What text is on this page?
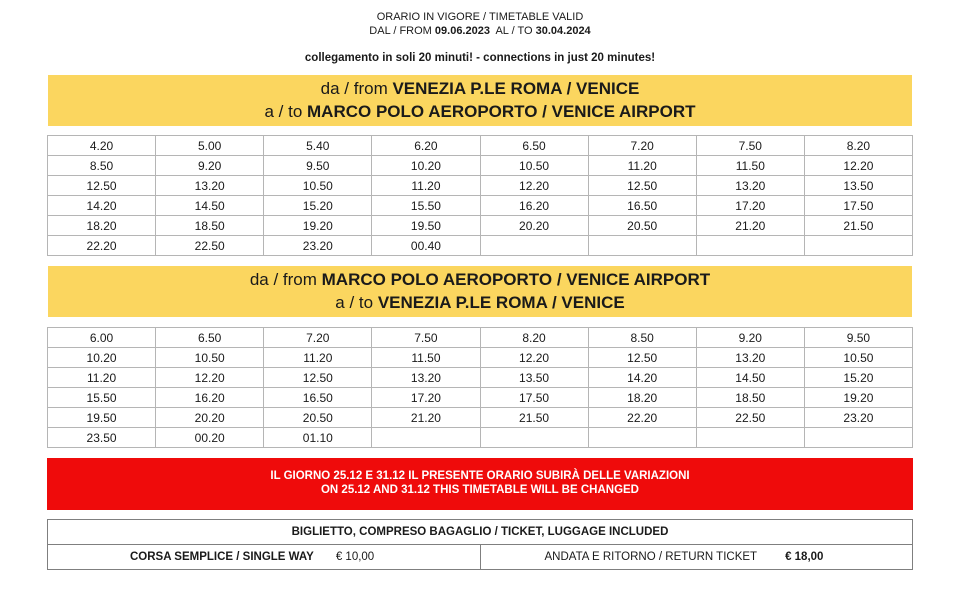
ORARIO IN VIGORE / TIMETABLE VALID
DAL / FROM 09.06.2023  AL / TO 30.04.2024
collegamento in soli 20 minuti! - connections in just 20 minutes!
da / from VENEZIA P.LE ROMA / VENICE
a / to MARCO POLO AEROPORTO / VENICE AIRPORT
4.20	5.00	5.40	6.20	6.50	7.20	7.50	8.20
8.50	9.20	9.50	10.20	10.50	11.20	11.50	12.20
12.50	13.20	10.50	11.20	12.20	12.50	13.20	13.50
14.20	14.50	15.20	15.50	16.20	16.50	17.20	17.50
18.20	18.50	19.20	19.50	20.20	20.50	21.20	21.50
22.20	22.50	23.20	00.40				
da / from MARCO POLO AEROPORTO / VENICE AIRPORT
a / to VENEZIA P.LE ROMA / VENICE
6.00	6.50	7.20	7.50	8.20	8.50	9.20	9.50
10.20	10.50	11.20	11.50	12.20	12.50	13.20	10.50
11.20	12.20	12.50	13.20	13.50	14.20	14.50	15.20
15.50	16.20	16.50	17.20	17.50	18.20	18.50	19.20
19.50	20.20	20.50	21.20	21.50	22.20	22.50	23.20
23.50	00.20	01.10					
IL GIORNO 25.12 E 31.12 IL PRESENTE ORARIO SUBIRÀ DELLE VARIAZIONI
ON 25.12 AND 31.12 THIS TIMETABLE WILL BE CHANGED
BIGLIETTO, COMPRESO BAGAGLIO / TICKET, LUGGAGE INCLUDED
CORSA SEMPLICE / SINGLE WAY € 10,00	ANDATA E RITORNO / RETURN TICKET € 18,00
